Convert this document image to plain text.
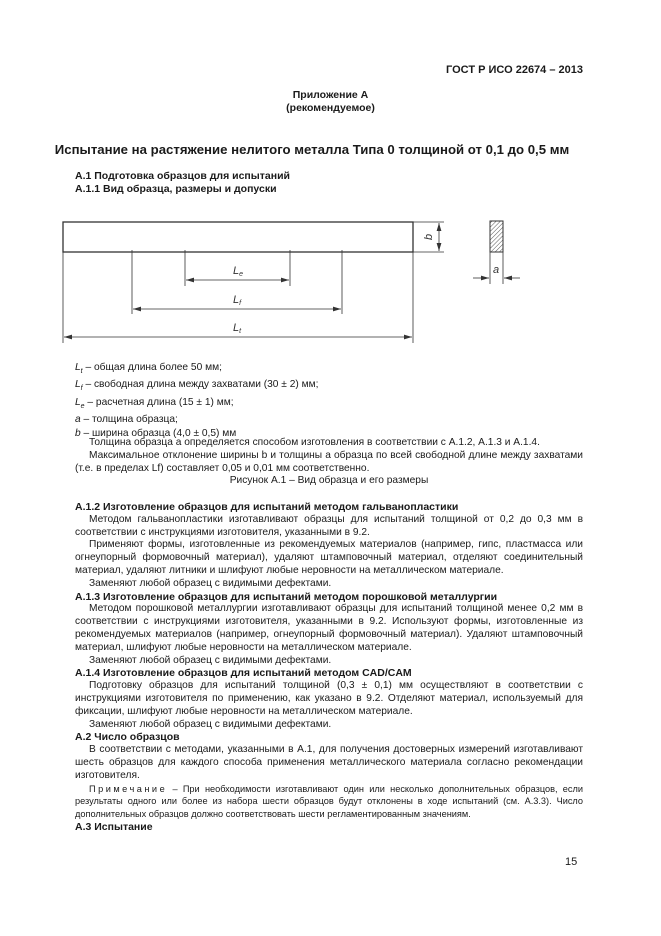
ГОСТ Р ИСО 22674 – 2013
Приложение А
(рекомендуемое)
Испытание на растяжение нелитого металла Типа 0 толщиной от 0,1 до 0,5 мм
А.1 Подготовка образцов для испытаний
А.1.1 Вид образца, размеры и допуски
Le
Lf
Lt
b
a
$L_t$ – общая длина более 50 мм;
$L_f$ – свободная длина между захватами (30 ± 2) мм;
$L_e$ – расчетная длина (15 ± 1) мм;
a – толщина образца;
b – ширина образца (4,0 ± 0,5) мм

Толщина образца a определяется способом изготовления в соответствии с А.1.2, А.1.3 и А.1.4.

Максимальное отклонение ширины b и толщины a образца по всей свободной длине между захватами (т.е. в пределах Lf) составляет 0,05 и 0,01 мм соответственно.

Рисунок А.1 – Вид образца и его размеры

А.1.2 Изготовление образцов для испытаний методом гальванопластики

Методом гальванопластики изготавливают образцы для испытаний толщиной от 0,2 до 0,3 мм в соответствии с инструкциями изготовителя, указанными в 9.2.

Применяют формы, изготовленные из рекомендуемых материалов (например, гипс, пластмасса или огнеупорный формовочный материал), удаляют штамповочный материал, отделяют соединительный материал, удаляют литники и шлифуют любые неровности на металлическом материале.

Заменяют любой образец с видимыми дефектами.

А.1.3 Изготовление образцов для испытаний методом порошковой металлургии

Методом порошковой металлургии изготавливают образцы для испытаний толщиной менее 0,2 мм в соответствии с инструкциями изготовителя, указанными в 9.2. Используют формы, изготовленные из рекомендуемых материалов (например, огнеупорный формовочный материал). Удаляют штамповочный материал, шлифуют любые неровности на металлическом материале.

Заменяют любой образец с видимыми дефектами.

А.1.4 Изготовление образцов для испытаний методом CAD/CAM

Подготовку образцов для испытаний толщиной (0,3 ± 0,1) мм осуществляют в соответствии с инструкциями изготовителя по применению, как указано в 9.2. Отделяют материал, используемый для фиксации, шлифуют любые неровности на металлическом материале.

Заменяют любой образец с видимыми дефектами.

А.2 Число образцов

В соответствии с методами, указанными в А.1, для получения достоверных измерений изготавливают шесть образцов для каждого способа применения металлического материала согласно рекомендации изготовителя.

Примечание – При необходимости изготавливают один или несколько дополнительных образцов, если результаты одного или более из набора шести образцов будут отклонены в ходе испытаний (см. А.3.3). Число дополнительных образцов должно соответствовать шести регламентированным значениям.

А.3 Испытание

15
